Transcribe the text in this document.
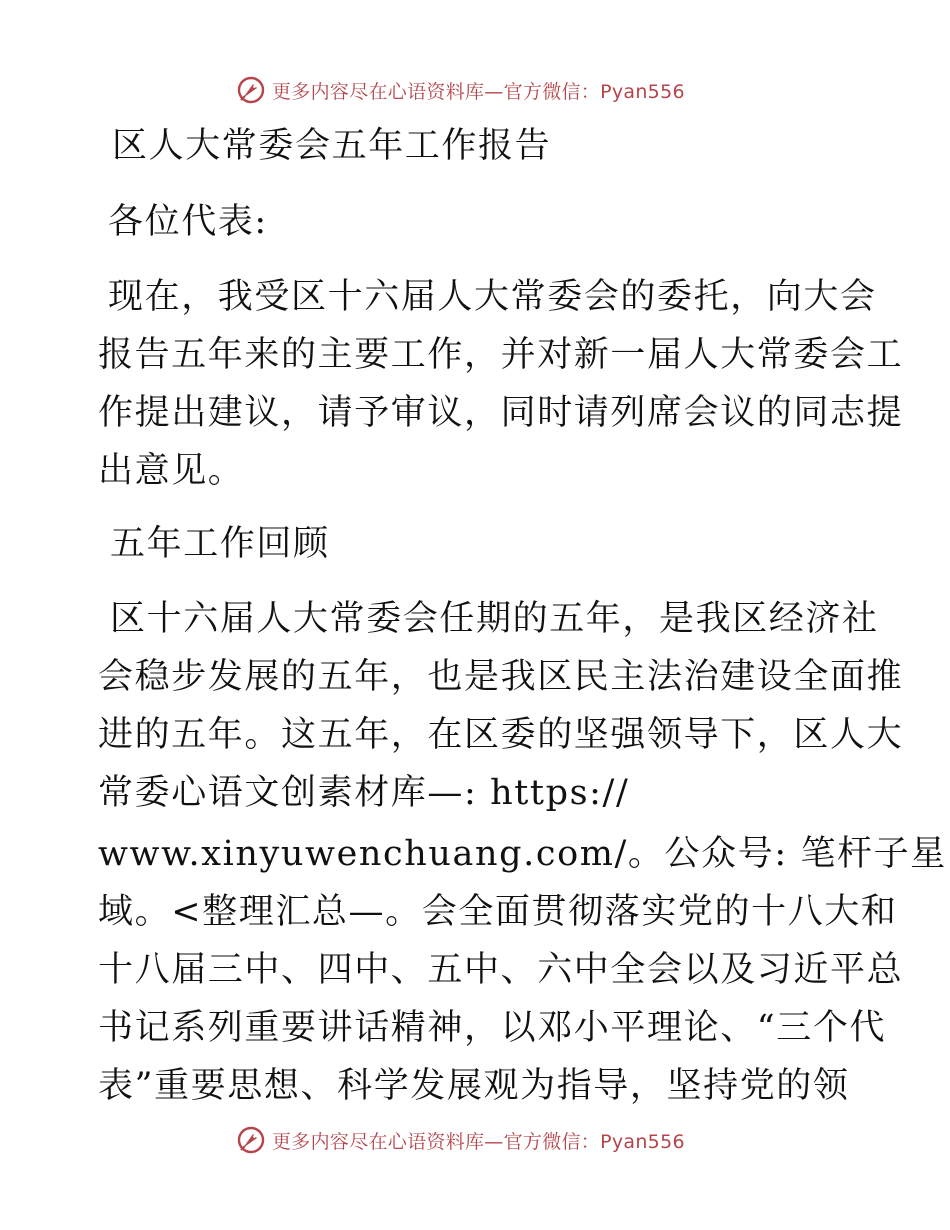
更多内容尽在心语资料库—官方微信：Pyan556

区人大常委会五年工作报告

各位代表:

现在，我受区十六届人大常委会的委托，向大会

报告五年来的主要工作，并对新一届人大常委会工

作提出建议，请予审议，同时请列席会议的同志提

出意见。

五年工作回顾

区十六届人大常委会任期的五年，是我区经济社

会稳步发展的五年，也是我区民主法治建设全面推

进的五年。这五年，在区委的坚强领导下，区人大

常委心语文创素材库—: https://

www.xinyuwenchuang.com/。公众号: 笔杆子星

域。<整理汇总—。会全面贯彻落实党的十八大和

十八届三中、四中、五中、六中全会以及习近平总

书记系列重要讲话精神，以邓小平理论、“三个代

表”重要思想、科学发展观为指导，坚持党的领

更多内容尽在心语资料库—官方微信：Pyan556
